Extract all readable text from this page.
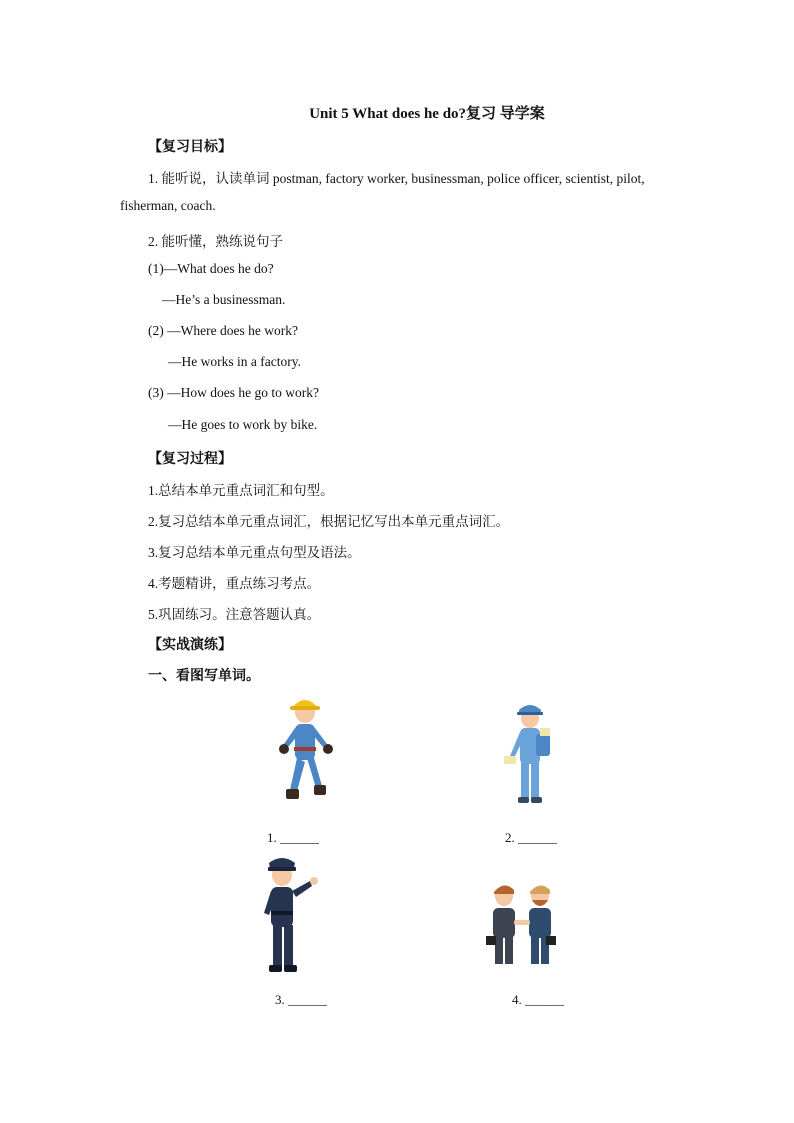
Unit 5 What does he do?复习 导学案
【复习目标】
1. 能听说，认读单词 postman, factory worker, businessman, police officer, scientist, pilot,
fisherman, coach.
2. 能听懂，熟练说句子
(1)—What does he do?
—He’s a businessman.
(2) —Where does he work?
—He works in a factory.
(3) —How does he go to work?
—He goes to work by bike.
【复习过程】
1.总结本单元重点词汇和句型。
2.复习总结本单元重点词汇，根据记忆写出本单元重点词汇。
3.复习总结本单元重点句型及语法。
4.考题精讲，重点练习考点。
5.巩固练习。注意答题认真。
【实战演练】
一、看图写单词。
1. ______	2. ______
3. ______	4. ______
